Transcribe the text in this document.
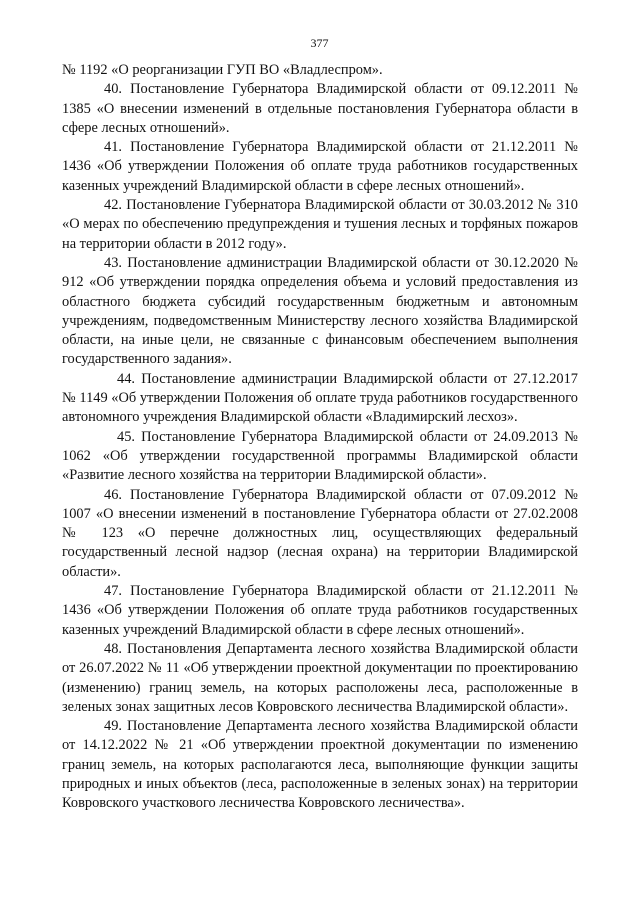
377

№ 1192 «О реорганизации ГУП ВО «Владлеспром».

40. Постановление Губернатора Владимирской области от 09.12.2011 № 1385 «О внесении изменений в отдельные постановления Губернатора области в сфере лесных отношений».

41. Постановление Губернатора Владимирской области от 21.12.2011 № 1436 «Об утверждении Положения об оплате труда работников государственных казенных учреждений Владимирской области в сфере лесных отношений».

42. Постановление Губернатора Владимирской области от 30.03.2012 № 310 «О мерах по обеспечению предупреждения и тушения лесных и торфяных пожаров на территории области в 2012 году».

43. Постановление администрации Владимирской области от 30.12.2020 № 912 «Об утверждении порядка определения объема и условий предоставления из областного бюджета субсидий государственным бюджетным и автономным учреждениям, подведомственным Министерству лесного хозяйства Владимирской области, на иные цели, не связанные с финансовым обеспечением выполнения государственного задания».

44. Постановление администрации Владимирской области от 27.12.2017 № 1149 «Об утверждении Положения об оплате труда работников государственного автономного учреждения Владимирской области «Владимирский лесхоз».

45. Постановление Губернатора Владимирской области от 24.09.2013 № 1062 «Об утверждении государственной программы Владимирской области «Развитие лесного хозяйства на территории Владимирской области».

46. Постановление Губернатора Владимирской области от 07.09.2012 № 1007 «О внесении изменений в постановление Губернатора области от 27.02.2008 № 123 «О перечне должностных лиц, осуществляющих федеральный государственный лесной надзор (лесная охрана) на территории Владимирской области».

47. Постановление Губернатора Владимирской области от 21.12.2011 № 1436 «Об утверждении Положения об оплате труда работников государственных казенных учреждений Владимирской области в сфере лесных отношений».

48. Постановления Департамента лесного хозяйства Владимирской области от 26.07.2022 № 11 «Об утверждении проектной документации по проектированию (изменению) границ земель, на которых расположены леса, расположенные в зеленых зонах защитных лесов Ковровского лесничества Владимирской области».

49. Постановление Департамента лесного хозяйства Владимирской области от 14.12.2022 № 21 «Об утверждении проектной документации по изменению границ земель, на которых располагаются леса, выполняющие функции защиты природных и иных объектов (леса, расположенные в зеленых зонах) на территории Ковровского участкового лесничества Ковровского лесничества».
